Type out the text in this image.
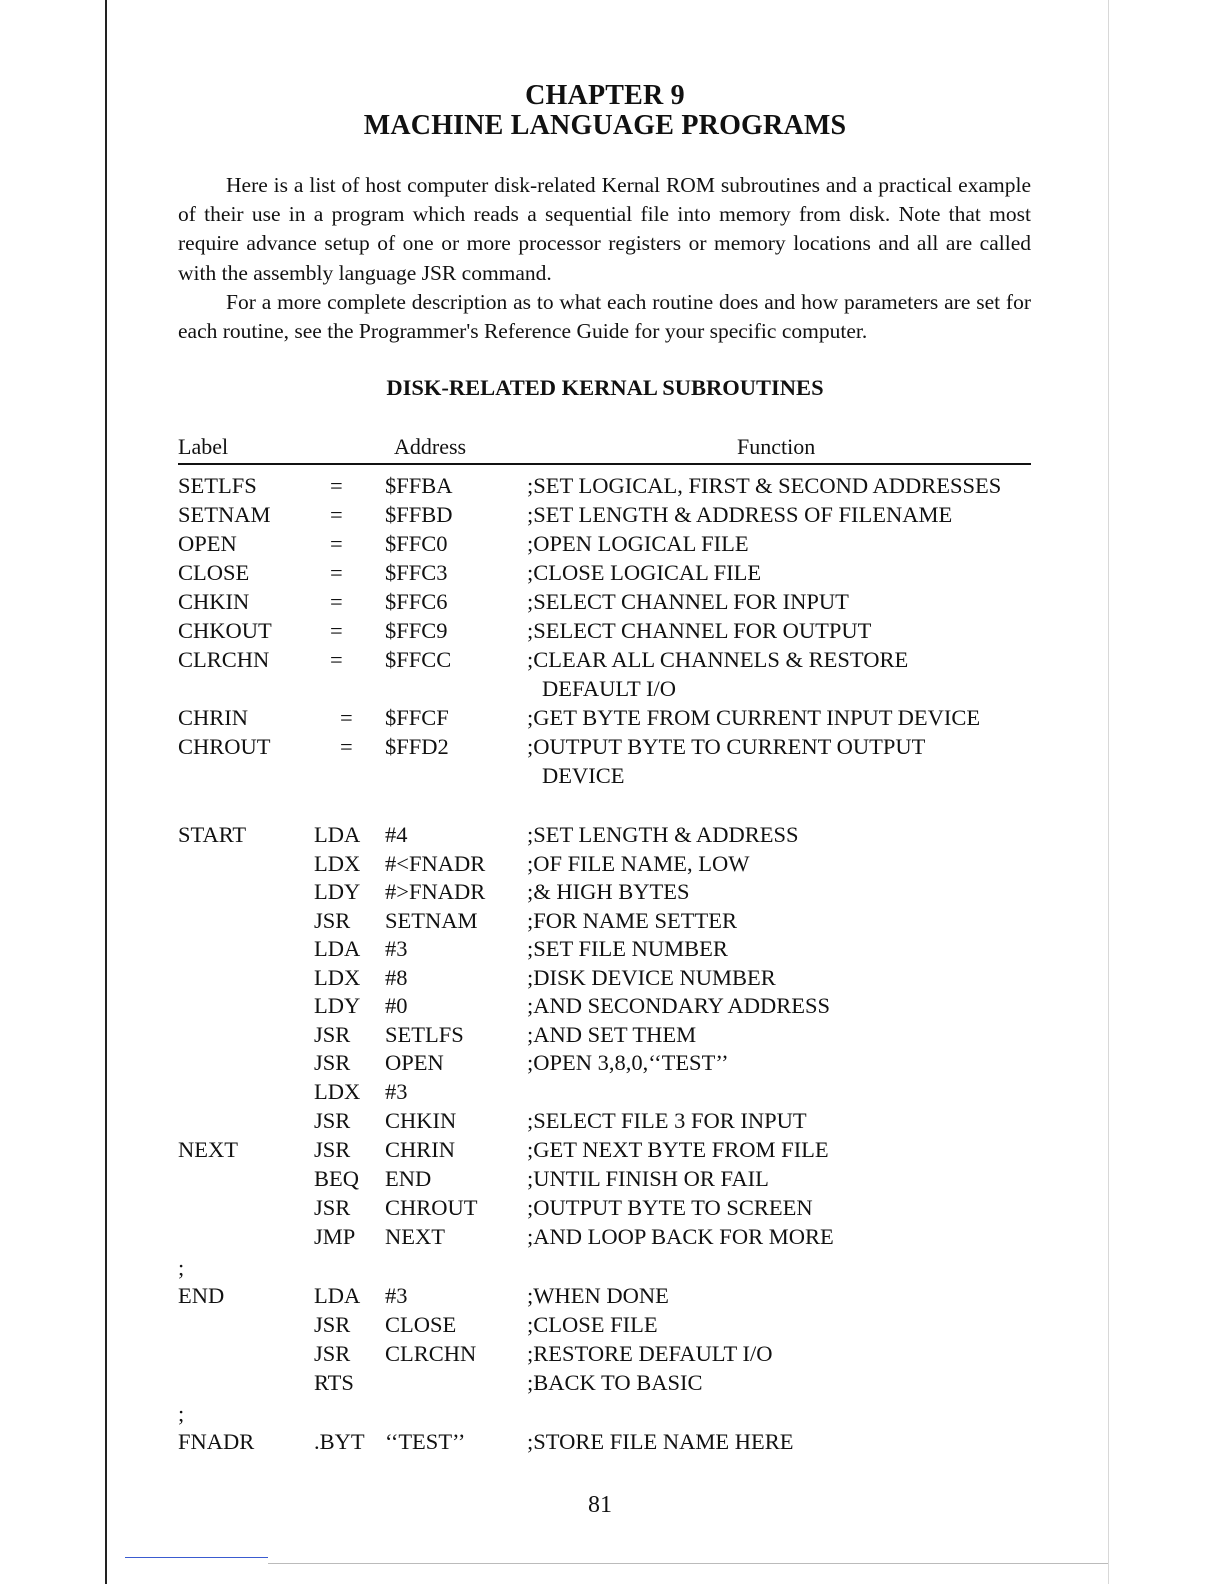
CHAPTER 9
MACHINE LANGUAGE PROGRAMS

Here is a list of host computer disk-related Kernal ROM subroutines and a practical example of their use in a program which reads a sequential file into memory from disk. Note that most require advance setup of one or more processor registers or memory locations and all are called with the assembly language JSR command.

For a more complete description as to what each routine does and how parameters are set for each routine, see the Programmer's Reference Guide for your specific computer.

DISK-RELATED KERNAL SUBROUTINES
Label	Address	Function
SETLFS	= $FFBA	;SET LOGICAL, FIRST & SECOND ADDRESSES
SETNAM	= $FFBD	;SET LENGTH & ADDRESS OF FILENAME
OPEN	= $FFC0	;OPEN LOGICAL FILE
CLOSE	= $FFC3	;CLOSE LOGICAL FILE
CHKIN	= $FFC6	;SELECT CHANNEL FOR INPUT
CHKOUT	= $FFC9	;SELECT CHANNEL FOR OUTPUT
CLRCHN	= $FFCC	;CLEAR ALL CHANNELS & RESTORE
DEFAULT I/O
CHRIN	= $FFCF	;GET BYTE FROM CURRENT INPUT DEVICE
CHROUT	= $FFD2	;OUTPUT BYTE TO CURRENT OUTPUT
DEVICE
START	LDA #4	;SET LENGTH & ADDRESS
LDX #<FNADR ;OF FILE NAME, LOW
LDY #>FNADR ;& HIGH BYTES
JSR SETNAM ;FOR NAME SETTER
LDA #3	;SET FILE NUMBER
LDX #8	;DISK DEVICE NUMBER
LDY #0	;AND SECONDARY ADDRESS
JSR SETLFS	;AND SET THEM
JSR OPEN	;OPEN 3,8,0,‘‘TEST’’
LDX #3
JSR CHKIN	;SELECT FILE 3 FOR INPUT
NEXT	JSR CHRIN	;GET NEXT BYTE FROM FILE
BEQ END	;UNTIL FINISH OR FAIL
JSR CHROUT ;OUTPUT BYTE TO SCREEN
JMP NEXT	;AND LOOP BACK FOR MORE
;
END	LDA #3	;WHEN DONE
JSR CLOSE	;CLOSE FILE
JSR CLRCHN ;RESTORE DEFAULT I/O
RTS	;BACK TO BASIC
;
FNADR	.BYT ‘‘TEST’’	;STORE FILE NAME HERE
81
